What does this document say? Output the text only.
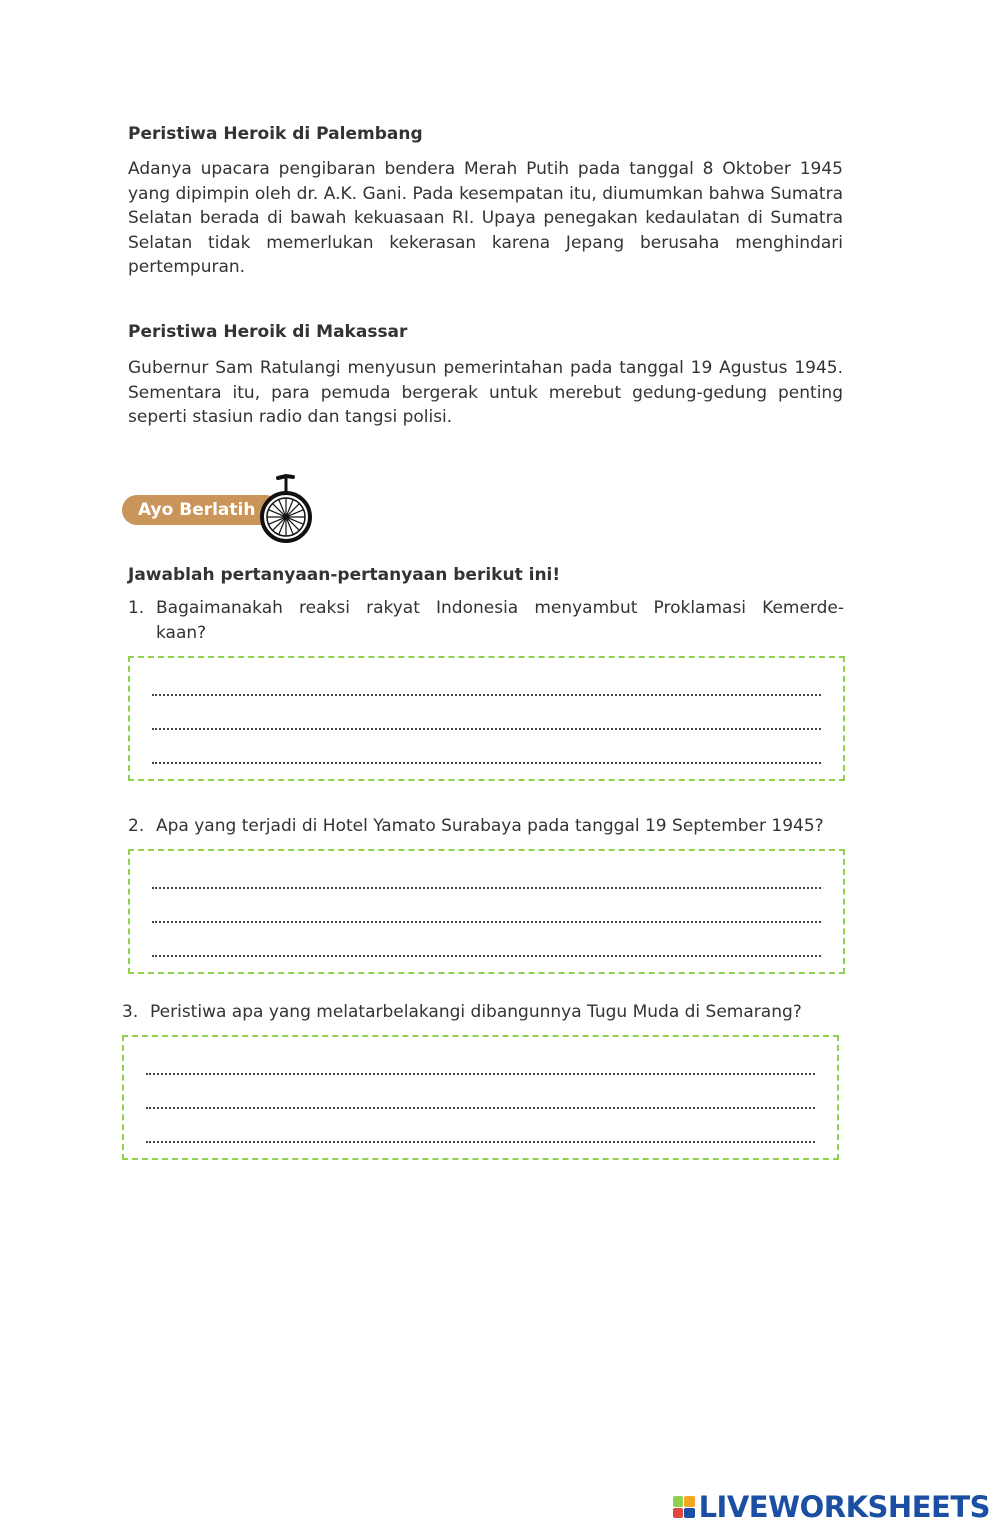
Peristiwa Heroik di Palembang

Adanya upacara pengibaran bendera Merah Putih pada tanggal 8 Oktober 1945 yang dipimpin oleh dr. A.K. Gani. Pada kesempatan itu, diumumkan bahwa Sumatra Selatan berada di bawah kekuasaan RI. Upaya penegakan kedaulatan di Sumatra Selatan tidak memerlukan kekerasan karena Jepang berusaha menghindari pertempuran.

Peristiwa Heroik di Makassar

Gubernur Sam Ratulangi menyusun pemerintahan pada tanggal 19 Agustus 1945. Sementara itu, para pemuda bergerak untuk merebut gedung-gedung penting seperti stasiun radio dan tangsi polisi.

Ayo Berlatih
Jawablah pertanyaan-pertanyaan berikut ini!
1. Bagaimanakah reaksi rakyat Indonesia menyambut Proklamasi Kemerde-
kaan?
2. Apa yang terjadi di Hotel Yamato Surabaya pada tanggal 19 September 1945?
3. Peristiwa apa yang melatarbelakangi dibangunnya Tugu Muda di Semarang?
LIVEWORKSHEETS
